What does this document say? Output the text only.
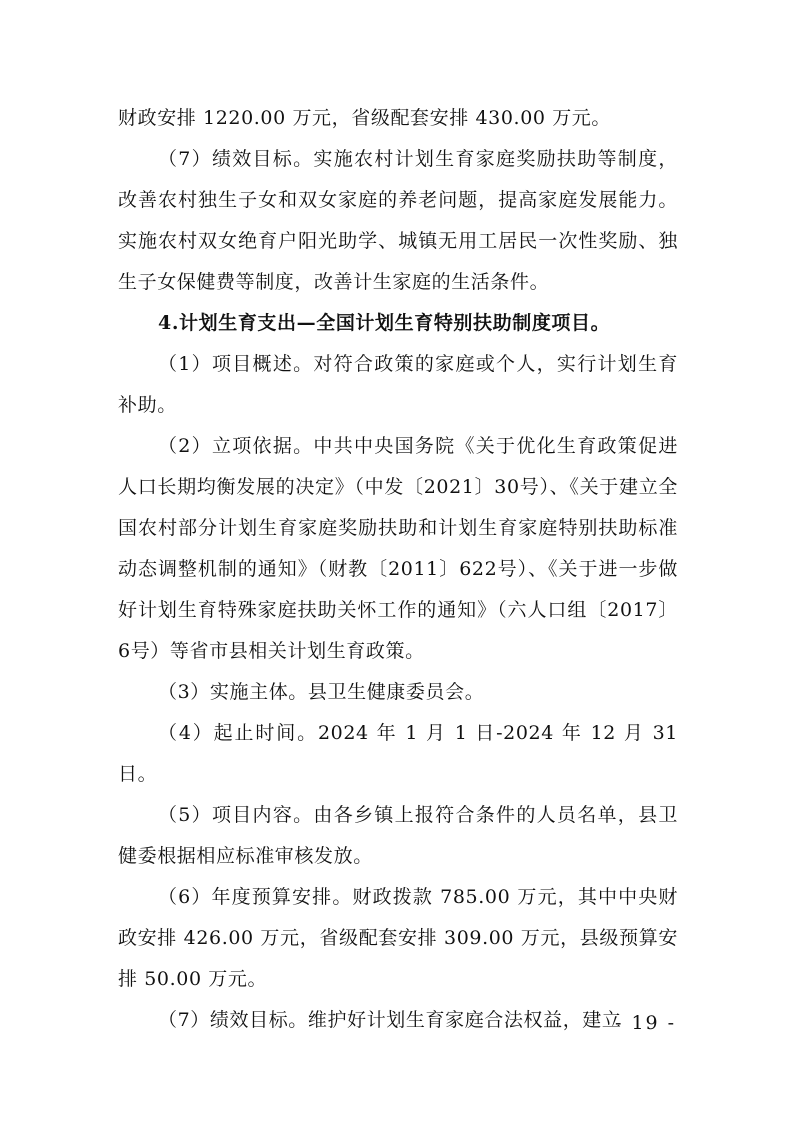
财政安排 1220.00 万元，省级配套安排 430.00 万元。

（7）绩效目标。实施农村计划生育家庭奖励扶助等制度，改善农村独生子女和双女家庭的养老问题，提高家庭发展能力。实施农村双女绝育户阳光助学、城镇无用工居民一次性奖励、独生子女保健费等制度，改善计生家庭的生活条件。

4.计划生育支出—全国计划生育特别扶助制度项目。

（1）项目概述。对符合政策的家庭或个人，实行计划生育补助。

（2）立项依据。中共中央国务院《关于优化生育政策促进人口长期均衡发展的决定》（中发〔2021〕30号）、《关于建立全国农村部分计划生育家庭奖励扶助和计划生育家庭特别扶助标准动态调整机制的通知》（财教〔2011〕622号）、《关于进一步做好计划生育特殊家庭扶助关怀工作的通知》（六人口组〔2017〕6号）等省市县相关计划生育政策。

（3）实施主体。县卫生健康委员会。

（4）起止时间。2024 年 1 月 1 日-2024 年 12 月 31 日。

（5）项目内容。由各乡镇上报符合条件的人员名单，县卫健委根据相应标准审核发放。

（6）年度预算安排。财政拨款 785.00 万元，其中中央财政安排 426.00 万元，省级配套安排 309.00 万元，县级预算安排 50.00 万元。

（7）绩效目标。维护好计划生育家庭合法权益，建立

- 19 -
